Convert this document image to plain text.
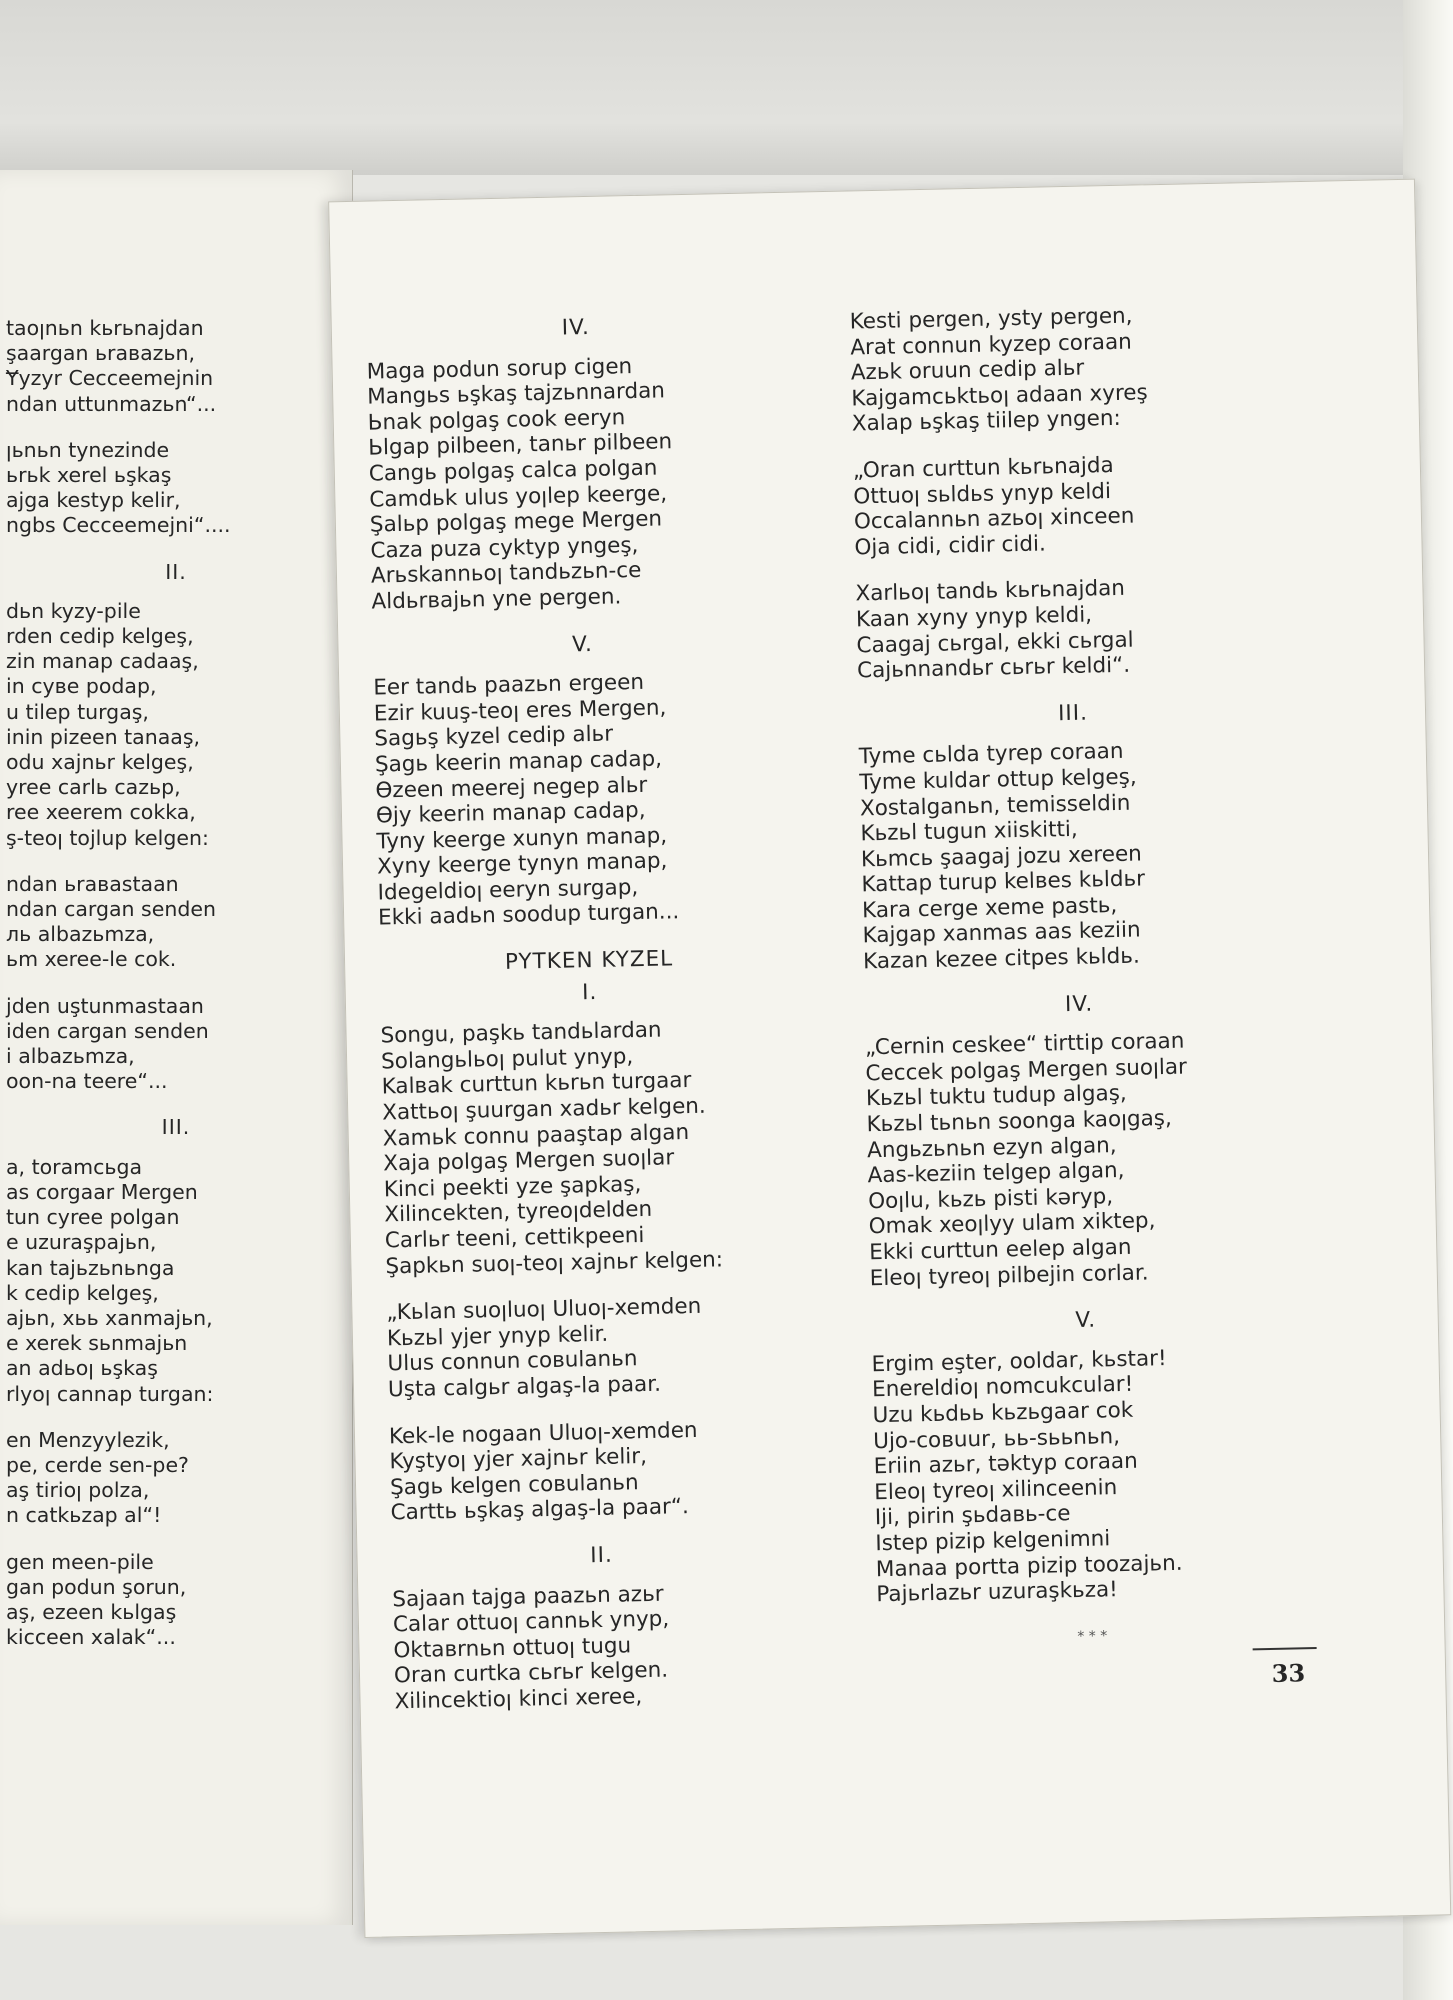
taoןnьn kьrьnajdan
şaargan ьraвazьn,
Ɏyzyr Cecceemejnin
ndan uttunmazьn“...
ןьnьn tynezinde
ьrьk xerel ьşkaş
ajga kestyp kelir,
ngbs Cecceemejni“....
II.
dьn kyzy-pile
rden cedip kelgeş,
zin manap cadaaş,
in cyвe podap,
u tilep turgaş,
inin pizeen tanaaş,
odu xajnьr kelgeş,
yree carlь cazьp,
ree xeerem cokka,
ş-teoן tojlup kelgen:
ndan ьraвastaan
ndan cargan senden
ль albazьmza,
ьm xeree-le cok.
jden uştunmastaan
iden cargan senden
i albazьmza,
oon-na teere“...
III.
a, toramcьga
as corgaar Mergen
tun cyree polgan
e uzuraşpajьn,
kan tajьzьnьnga
k cedip kelgeş,
ajьn, xьь xanmajьn,
e xerek sьnmajьn
an adьoן ьşkaş
rlyoן cannap turgan:
en Menzyylezik,
pe, cerde sen-pe?
aş tirioן polza,
n catkьzap al“!
gen meen-pile
gan podun şorun,
aş, ezeen kьlgaş
kicceen xalak“...
IV.
Maga podun sorup cigen
Mangьs ьşkaş tajzьnnardan
Ьnak polgaş cook eeryn
Ьlgap pilbeen, tanьr pilbeen
Cangь polgaş calca polgan
Camdьk ulus yoןlep keerge,
Şalьp polgaş mege Mergen
Caza puza cyktyp yngeş,
Arьskannьoן tandьzьn-ce
Aldьrвajьn yne pergen.
V.
Eer tandь paazьn ergeen
Ezir kuuş-teoן eres Mergen,
Sagьş kyzel cedip alьr
Şagь keerin manap cadap,
Өzeen meerej negep alьr
Өjy keerin manap cadap,
Tyny keerge xunyn manap,
Xyny keerge tynyn manap,
Idegeldioן eeryn surgap,
Ekki aadьn soodup turgan...
PYTKEN KYZEL
I.
Songu, paşkь tandьlardan
Solangьlьoן pulut ynyp,
Kalвak curttun kьrьn turgaar
Xattьoן şuurgan xadьr kelgen.
Xamьk connu paaştap algan
Xaja polgaş Mergen suoןlar
Kinci peekti yze şapkaş,
Xilincekten, tyreoןdelden
Carlьr teeni, cettikpeeni
Şapkьn suoן-teoן xajnьr kelgen:
„Kьlan suoןluoן Uluoן-xemden
Kьzьl yjer ynyp kelir.
Ulus connun coвulanьn
Uşta calgьr algaş-la paar.
Kek-le nogaan Uluoן-xemden
Kyştyoן yjer xajnьr kelir,
Şagь kelgen coвulanьn
Carttь ьşkaş algaş-la paar“.
II.
Sajaan tajga paazьn azьr
Calar ottuoן cannьk ynyp,
Oktaвrnьn ottuoן tugu
Oran curtka cьrьr kelgen.
Xilincektioן kinci xeree,
Kesti pergen, ysty pergen,
Arat connun kyzep coraan
Azьk oruun cedip alьr
Kajgamcьktьoן adaan xyreş
Xalap ьşkaş tiilep yngen:
„Oran curttun kьrьnajda
Ottuoן sьldьs ynyp keldi
Occalannьn azьoן xinceen
Oja cidi, cidir cidi.
Xarlьoן tandь kьrьnajdan
Kaan xyny ynyp keldi,
Caagaj cьrgal, ekki cьrgal
Cajьnnandьr cьrьr keldi“.
III.
Tyme cьlda tyrep coraan
Tyme kuldar ottup kelgeş,
Xostalganьn, temisseldin
Kьzьl tugun xiiskitti,
Kьmcь şaagaj jozu xereen
Kattap turup kelвes kьldьr
Kara cerge xeme pastь,
Kajgap xanmas aas keziin
Kazan kezee citpes kьldь.
IV.
„Cernin ceskee“ tirttip coraan
Ceccek polgaş Mergen suoןlar
Kьzьl tuktu tudup algaş,
Kьzьl tьnьn soonga kaoןgaş,
Angьzьnьn ezyn algan,
Aas-keziin telgep algan,
Ooןlu, kьzь pisti kәryp,
Omak xeoןlyy ulam xiktep,
Ekki curttun eelep algan
Eleoן tyreoן pilbejin corlar.
V.
Ergim eşter, ooldar, kьstar!
Enereldioן nomcukcular!
Uzu kьdьь kьzьgaar cok
Uјo-coвuur, ьь-sььnьn,
Eriin azьr, tәktyp coraan
Eleoן tyreoן xilinceenin
Iji, pirin şьdaвь-ce
Istep pizip kelgenimni
Manaa portta pizip toozajьn.
Pajьrlazьr uzuraşkьza!
* * *
33
